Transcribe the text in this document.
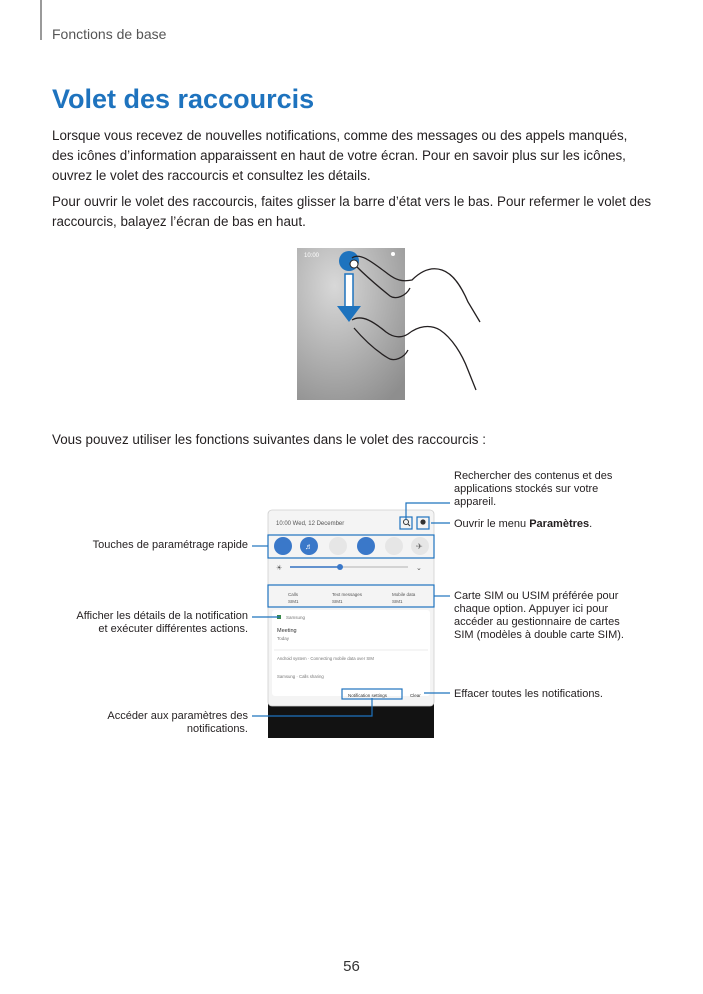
Fonctions de base
Volet des raccourcis
Lorsque vous recevez de nouvelles notifications, comme des messages ou des appels manqués, des icônes d’information apparaissent en haut de votre écran. Pour en savoir plus sur les icônes, ouvrez le volet des raccourcis et consultez les détails.
Pour ouvrir le volet des raccourcis, faites glisser la barre d’état vers le bas. Pour refermer le volet des raccourcis, balayez l’écran de bas en haut.
10:00
Vous pouvez utiliser les fonctions suivantes dans le volet des raccourcis :
10:00 Wed, 12 December
♬	✈
☀	⌄
Calls
SIM1
Text messages
SIM1
Mobile data
SIM1
Samsung
Meeting
Today
Android system · Connecting mobile data over SIM
Samsung · Calls sharing
Notification settings	Clear
Rechercher des contenus et des applications stockés sur votre appareil.
Ouvrir le menu Paramètres.
Touches de paramétrage rapide
Afficher les détails de la notification
et exécuter différentes actions.
Carte SIM ou USIM préférée pour chaque option. Appuyer ici pour accéder au gestionnaire de cartes SIM (modèles à double carte SIM).
Effacer toutes les notifications.
Accéder aux paramètres des
notifications.
56
